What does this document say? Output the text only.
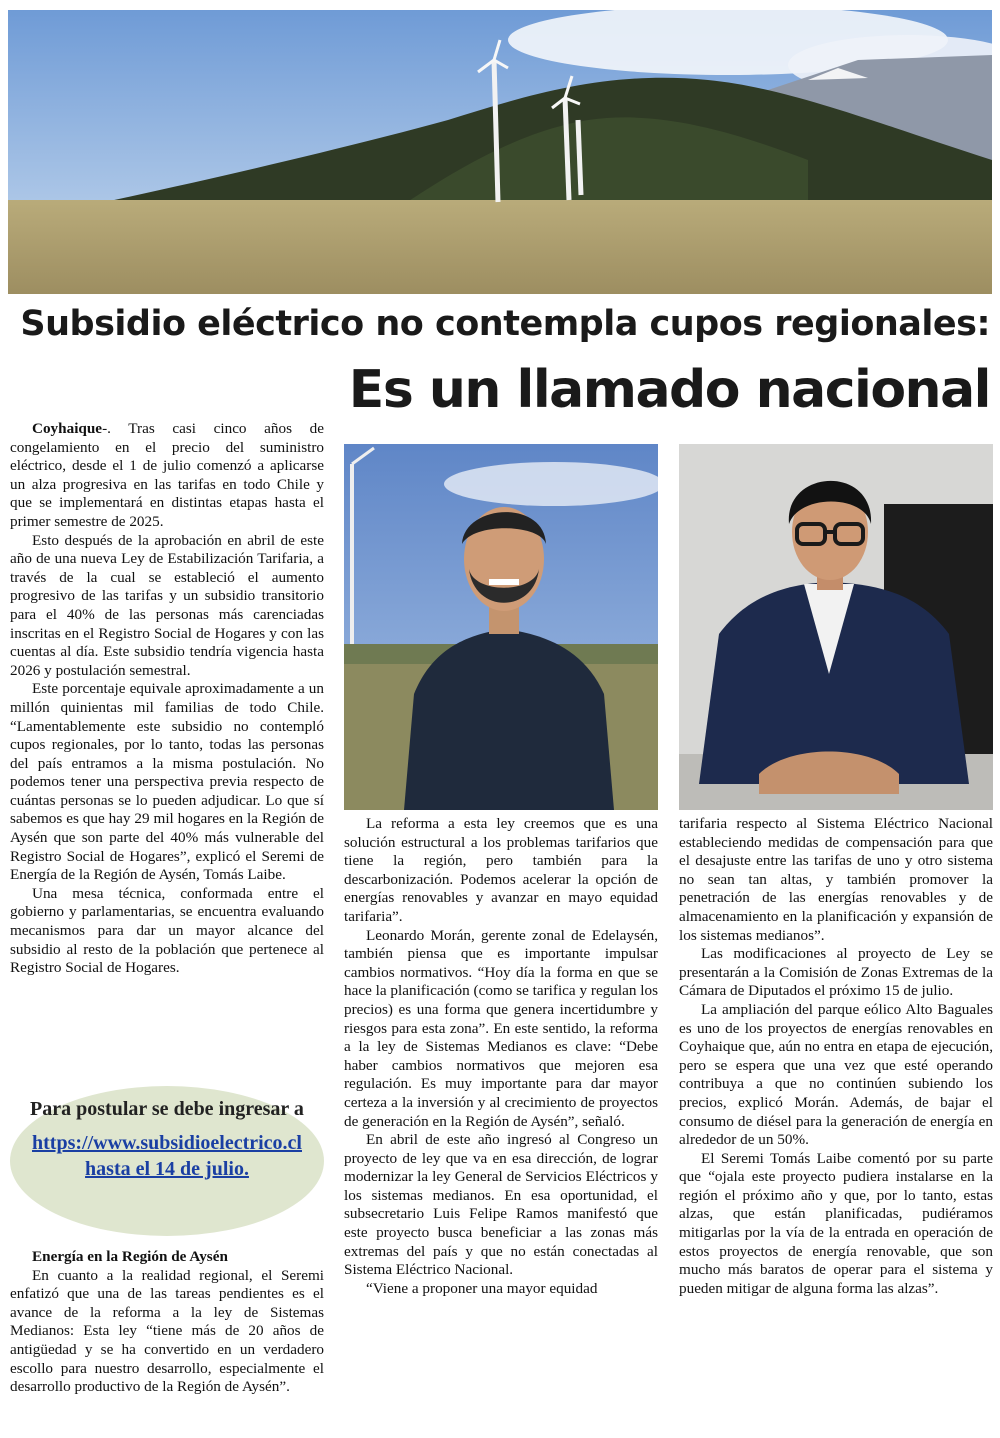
Subsidio eléctrico no contempla cupos regionales:
Es un llamado nacional

Coyhaique-. Tras casi cinco años de congelamiento en el precio del suministro eléctrico, desde el 1 de julio comenzó a aplicarse un alza progresiva en las tarifas en todo Chile y que se implementará en distintas etapas hasta el primer semestre de 2025.

Esto después de la aprobación en abril de este año de una nueva Ley de Estabilización Tarifaria, a través de la cual se estableció el aumento progresivo de las tarifas y un subsidio transitorio para el 40% de las personas más carenciadas inscritas en el Registro Social de Hogares y con las cuentas al día. Este subsidio tendría vigencia hasta 2026 y postulación semestral.

Este porcentaje equivale aproximadamente a un millón quinientas mil familias de todo Chile. “Lamentablemente este subsidio no contempló cupos regionales, por lo tanto, todas las personas del país entramos a la misma postulación. No podemos tener una perspectiva previa respecto de cuántas personas se lo pueden adjudicar. Lo que sí sabemos es que hay 29 mil hogares en la Región de Aysén que son parte del 40% más vulnerable del Registro Social de Hogares”, explicó el Seremi de Energía de la Región de Aysén, Tomás Laibe.

Una mesa técnica, conformada entre el gobierno y parlamentarias, se encuentra evaluando mecanismos para dar un mayor alcance del subsidio al resto de la población que pertenece al Registro Social de Hogares.

Para postular se debe ingresar a
https://www.subsidioelectrico.cl hasta el 14 de julio.

Energía en la Región de Aysén

En cuanto a la realidad regional, el Seremi enfatizó que una de las tareas pendientes es el avance de la reforma a la ley de Sistemas Medianos: Esta ley “tiene más de 20 años de antigüedad y se ha convertido en un verdadero escollo para nuestro desarrollo, especialmente el desarrollo productivo de la Región de Aysén”.

La reforma a esta ley creemos que es una solución estructural a los problemas tarifarios que tiene la región, pero también para la descarbonización. Podemos acelerar la opción de energías renovables y avanzar en mayo equidad tarifaria”.

Leonardo Morán, gerente zonal de Edelaysén, también piensa que es importante impulsar cambios normativos. “Hoy día la forma en que se hace la planificación (como se tarifica y regulan los precios) es una forma que genera incertidumbre y riesgos para esta zona”. En este sentido, la reforma a la ley de Sistemas Medianos es clave: “Debe haber cambios normativos que mejoren esa regulación. Es muy importante para dar mayor certeza a la inversión y al crecimiento de proyectos de generación en la Región de Aysén”, señaló.

En abril de este año ingresó al Congreso un proyecto de ley que va en esa dirección, de lograr modernizar la ley General de Servicios Eléctricos y los sistemas medianos. En esa oportunidad, el subsecretario Luis Felipe Ramos manifestó que este proyecto busca beneficiar a las zonas más extremas del país y que no están conectadas al Sistema Eléctrico Nacional.

“Viene a proponer una mayor equidad

tarifaria respecto al Sistema Eléctrico Nacional estableciendo medidas de compensación para que el desajuste entre las tarifas de uno y otro sistema no sean tan altas, y también promover la penetración de las energías renovables y de almacenamiento en la planificación y expansión de los sistemas medianos”.

Las modificaciones al proyecto de Ley se presentarán a la Comisión de Zonas Extremas de la Cámara de Diputados el próximo 15 de julio.

La ampliación del parque eólico Alto Baguales es uno de los proyectos de energías renovables en Coyhaique que, aún no entra en etapa de ejecución, pero se espera que una vez que esté operando contribuya a que no continúen subiendo los precios, explicó Morán. Además, de bajar el consumo de diésel para la generación de energía en alrededor de un 50%.

El Seremi Tomás Laibe comentó por su parte que “ojala este proyecto pudiera instalarse en la región el próximo año y que, por lo tanto, estas alzas, que están planificadas, pudiéramos mitigarlas por la vía de la entrada en operación de estos proyectos de energía renovable, que son mucho más baratos de operar para el sistema y pueden mitigar de alguna forma las alzas”.
